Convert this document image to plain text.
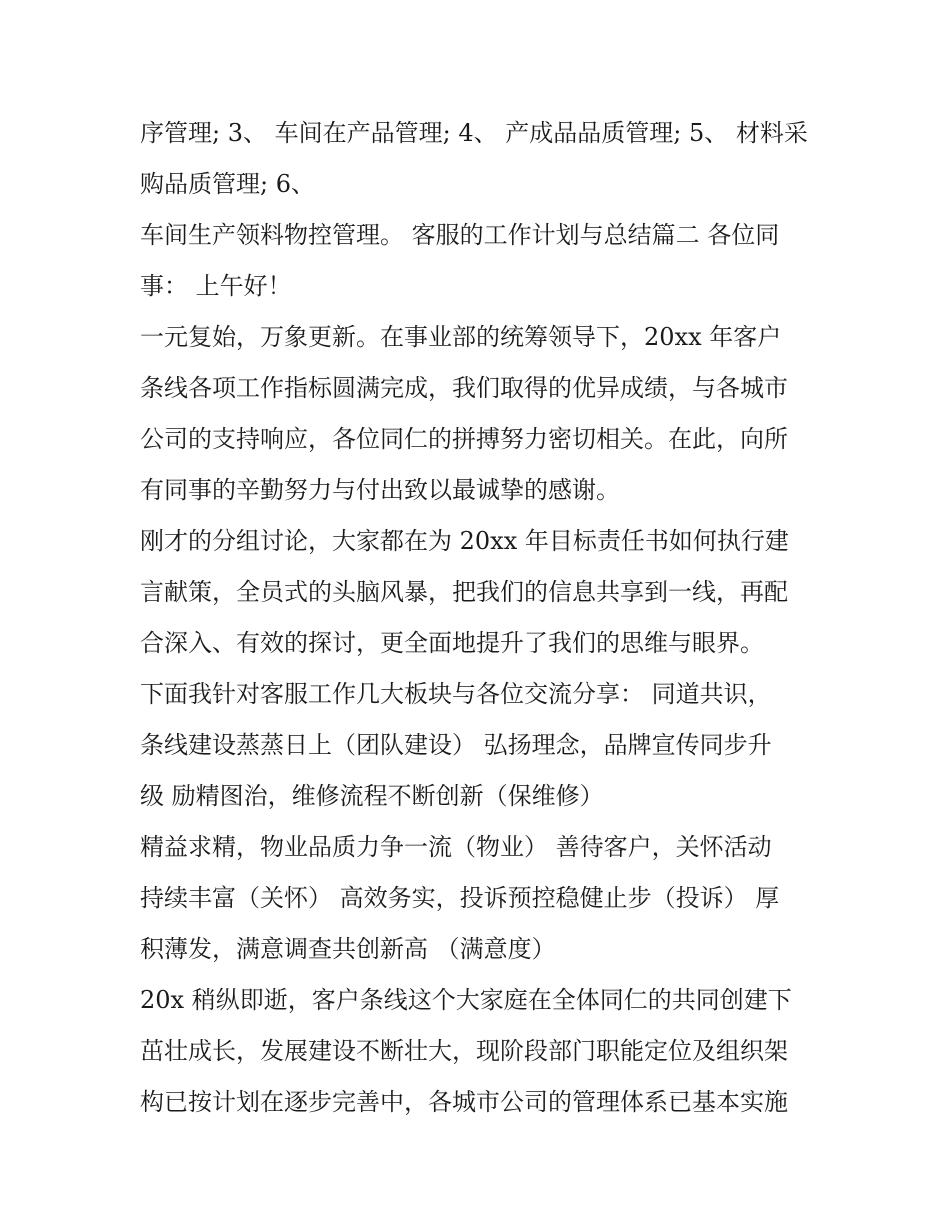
序管理; 3、 车间在产品管理; 4、 产成品品质管理; 5、 材料采
购品质管理; 6、
车间生产领料物控管理。 客服的工作计划与总结篇二 各位同
事： 上午好！
一元复始，万象更新。在事业部的统筹领导下，20xx 年客户
条线各项工作指标圆满完成，我们取得的优异成绩，与各城市
公司的支持响应，各位同仁的拼搏努力密切相关。在此，向所
有同事的辛勤努力与付出致以最诚挚的感谢。
刚才的分组讨论，大家都在为 20xx 年目标责任书如何执行建
言献策，全员式的头脑风暴，把我们的信息共享到一线，再配
合深入、有效的探讨，更全面地提升了我们的思维与眼界。
下面我针对客服工作几大板块与各位交流分享： 同道共识，
条线建设蒸蒸日上（团队建设） 弘扬理念，品牌宣传同步升
级 励精图治，维修流程不断创新（保维修）
精益求精，物业品质力争一流（物业） 善待客户，关怀活动
持续丰富（关怀） 高效务实，投诉预控稳健止步（投诉） 厚
积薄发，满意调查共创新高 （满意度）
20x 稍纵即逝，客户条线这个大家庭在全体同仁的共同创建下
茁壮成长，发展建设不断壮大，现阶段部门职能定位及组织架
构已按计划在逐步完善中，各城市公司的管理体系已基本实施
